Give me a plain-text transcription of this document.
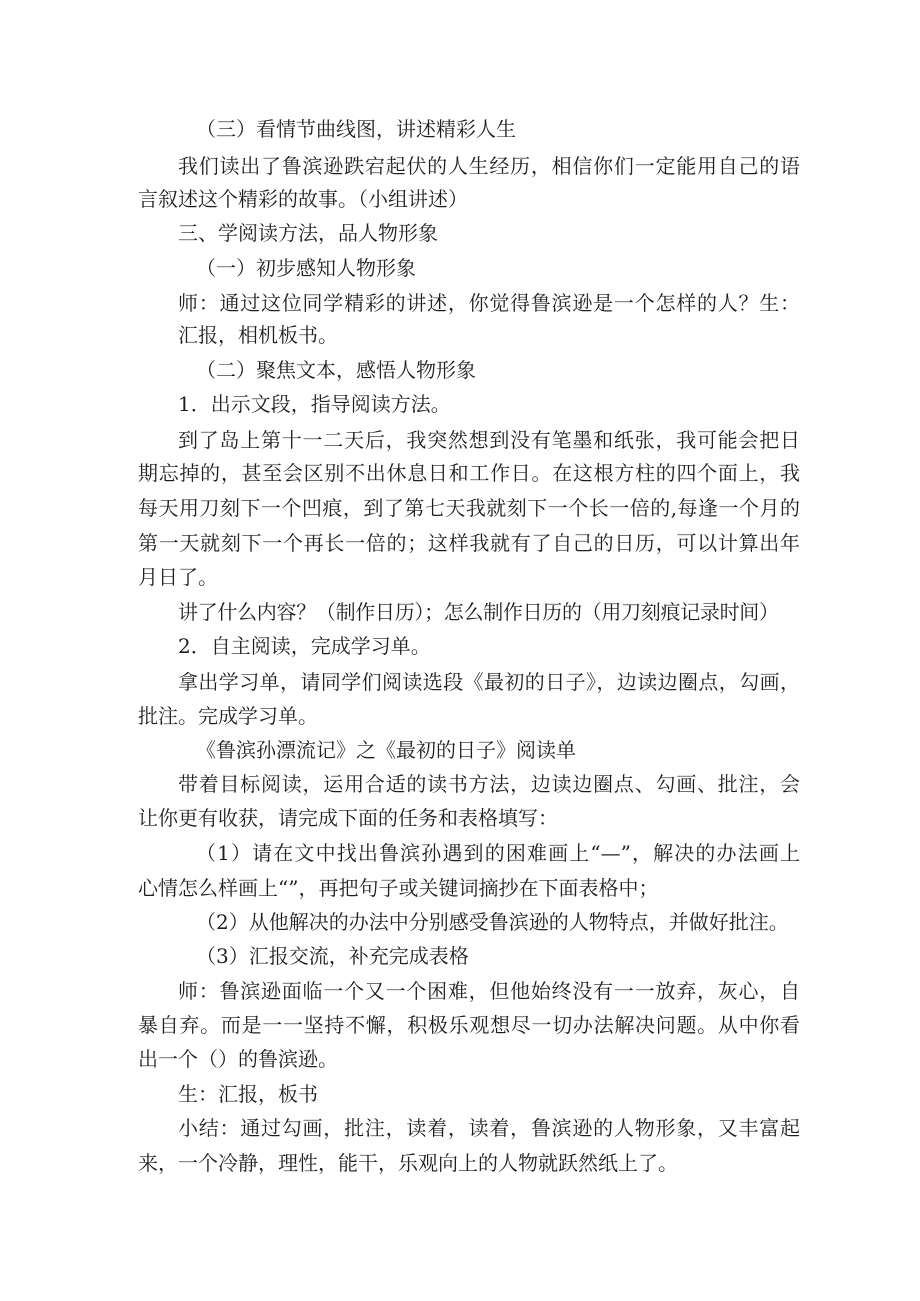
（三）看情节曲线图，讲述精彩人生
我们读出了鲁滨逊跌宕起伏的人生经历，相信你们一定能用自己的语
言叙述这个精彩的故事。（小组讲述）
三、学阅读方法，品人物形象
（一）初步感知人物形象
师：通过这位同学精彩的讲述，你觉得鲁滨逊是一个怎样的人？生：
汇报，相机板书。
（二）聚焦文本，感悟人物形象
1．出示文段，指导阅读方法。
到了岛上第十一二天后，我突然想到没有笔墨和纸张，我可能会把日
期忘掉的，甚至会区别不出休息日和工作日。在这根方柱的四个面上，我
每天用刀刻下一个凹痕，到了第七天我就刻下一个长一倍的,每逢一个月的
第一天就刻下一个再长一倍的；这样我就有了自己的日历，可以计算出年
月日了。
讲了什么内容？（制作日历）；怎么制作日历的（用刀刻痕记录时间）
2．自主阅读，完成学习单。
拿出学习单，请同学们阅读选段《最初的日子》，边读边圈点，勾画，
批注。完成学习单。
《鲁滨孙漂流记》之《最初的日子》阅读单
带着目标阅读，运用合适的读书方法，边读边圈点、勾画、批注，会
让你更有收获，请完成下面的任务和表格填写：
（1）请在文中找出鲁滨孙遇到的困难画上“—”，解决的办法画上
心情怎么样画上“”，再把句子或关键词摘抄在下面表格中；
（2）从他解决的办法中分别感受鲁滨逊的人物特点，并做好批注。
（3）汇报交流，补充完成表格
师：鲁滨逊面临一个又一个困难，但他始终没有一一放弃，灰心，自
暴自弃。而是一一坚持不懈，积极乐观想尽一切办法解决问题。从中你看
出一个（）的鲁滨逊。
生：汇报，板书
小结：通过勾画，批注，读着，读着，鲁滨逊的人物形象，又丰富起
来，一个冷静，理性，能干，乐观向上的人物就跃然纸上了。
